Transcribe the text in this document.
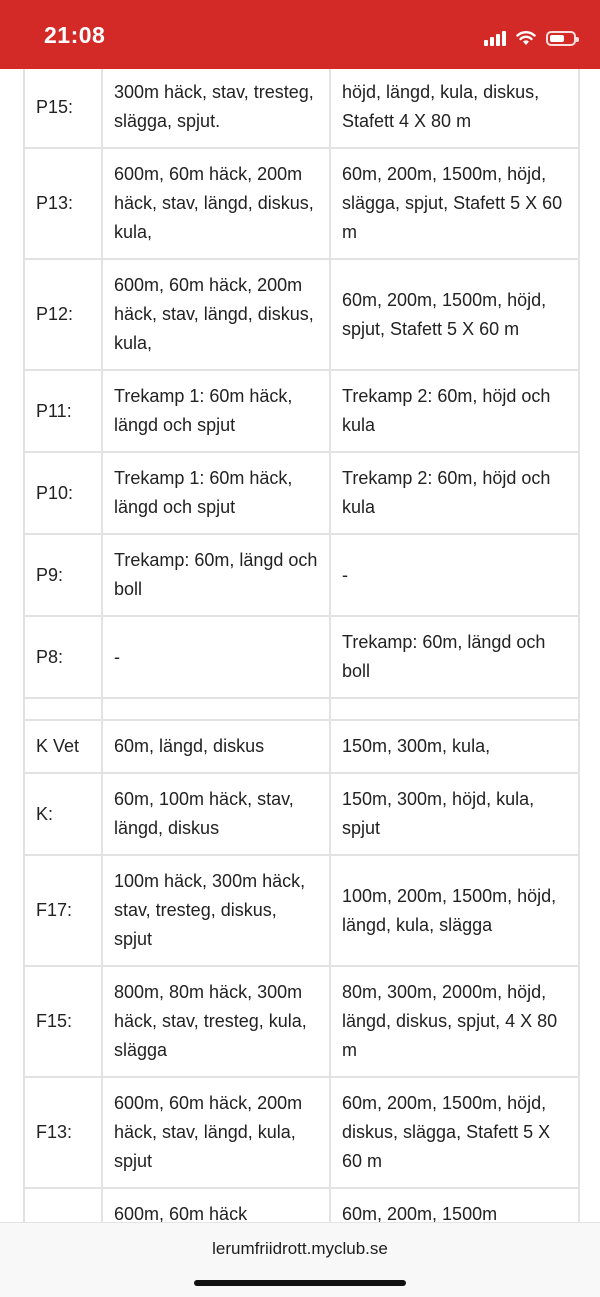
21:08
P15:	300m häck, stav, tresteg, slägga, spjut.	höjd, längd, kula, diskus, Stafett 4 X 80 m
P13:	600m, 60m häck, 200m häck, stav, längd, diskus, kula,	60m, 200m, 1500m, höjd, slägga, spjut, Stafett 5 X 60 m
P12:	600m, 60m häck, 200m häck, stav, längd, diskus, kula,	60m, 200m, 1500m, höjd, spjut, Stafett 5 X 60 m
P11:	Trekamp 1: 60m häck, längd och spjut	Trekamp 2: 60m, höjd och kula
P10:	Trekamp 1: 60m häck, längd och spjut	Trekamp 2: 60m, höjd och kula
P9:	Trekamp: 60m, längd och boll	-
P8:	-	Trekamp: 60m, längd och boll

K Vet	60m, längd, diskus	150m, 300m, kula,
K:	60m, 100m häck, stav, längd, diskus	150m, 300m, höjd, kula, spjut
F17:	100m häck, 300m häck, stav, tresteg, diskus, spjut	100m, 200m, 1500m, höjd, längd, kula, slägga
F15:	800m, 80m häck, 300m häck, stav, tresteg, kula, slägga	80m, 300m, 2000m, höjd, längd, diskus, spjut, 4 X 80 m
F13:	600m, 60m häck, 200m häck, stav, längd, kula, spjut	60m, 200m, 1500m, höjd, diskus, slägga, Stafett 5 X 60 m
	600m, 60m häck	60m, 200m, 1500m
lerumfriidrott.myclub.se
